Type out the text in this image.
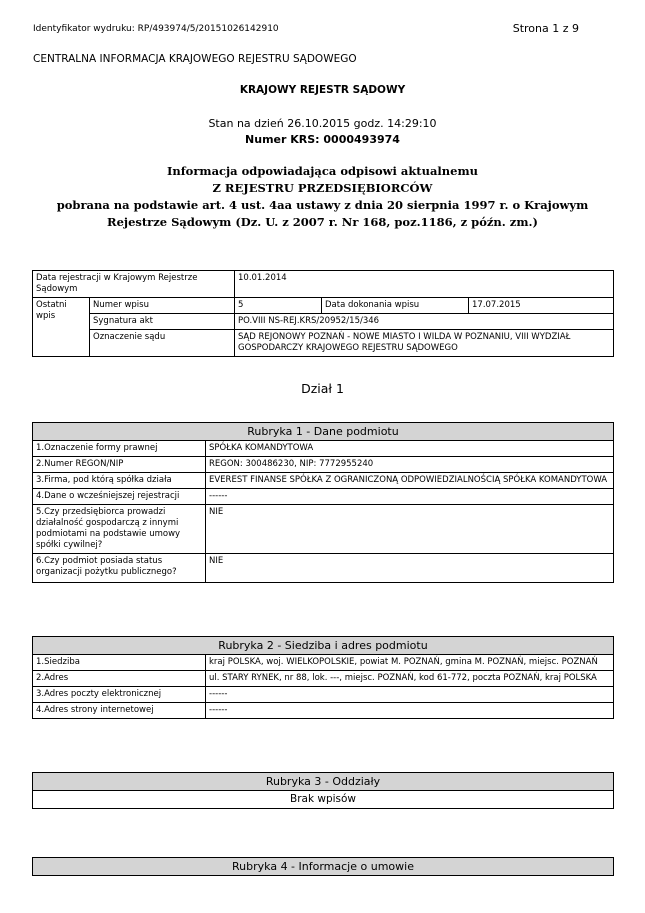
Identyfikator wydruku: RP/493974/5/20151026142910	Strona 1 z 9
CENTRALNA INFORMACJA KRAJOWEGO REJESTRU SĄDOWEGO
KRAJOWY REJESTR SĄDOWY
Stan na dzień 26.10.2015 godz. 14:29:10
Numer KRS: 0000493974
Informacja odpowiadająca odpisowi aktualnemu
Z REJESTRU PRZEDSIĘBIORCÓW
pobrana na podstawie art. 4 ust. 4aa ustawy z dnia 20 sierpnia 1997 r. o Krajowym Rejestrze Sądowym (Dz. U. z 2007 r. Nr 168, poz.1186, z późn. zm.)
Data rejestracji w Krajowym Rejestrze Sądowym		10.01.2014		
Ostatni wpis	Numer wpisu	5	Data dokonania wpisu	17.07.2015
	Sygnatura akt	PO.VIII NS-REJ.KRS/20952/15/346		
	Oznaczenie sądu	SĄD REJONOWY POZNAŃ - NOWE MIASTO I WILDA W POZNANIU, VIII WYDZIAŁ GOSPODARCZY KRAJOWEGO REJESTRU SĄDOWEGO		
Dział 1
Rubryka 1 - Dane podmiotu	
1.Oznaczenie formy prawnej	SPÓŁKA KOMANDYTOWA
2.Numer REGON/NIP	REGON: 300486230, NIP: 7772955240
3.Firma, pod którą spółka działa	EVEREST FINANSE SPÓŁKA Z OGRANICZONĄ ODPOWIEDZIALNOŚCIĄ SPÓŁKA KOMANDYTOWA
4.Dane o wcześniejszej rejestracji	------
5.Czy przedsiębiorca prowadzi działalność gospodarczą z innymi podmiotami na podstawie umowy spółki cywilnej?	NIE
6.Czy podmiot posiada status organizacji pożytku publicznego?	NIE
Rubryka 2 - Siedziba i adres podmiotu	
1.Siedziba	kraj POLSKA, woj. WIELKOPOLSKIE, powiat M. POZNAŃ, gmina M. POZNAŃ, miejsc. POZNAŃ
2.Adres	ul. STARY RYNEK, nr 88, lok. ---, miejsc. POZNAŃ, kod 61-772, poczta POZNAŃ, kraj POLSKA
3.Adres poczty elektronicznej	------
4.Adres strony internetowej	------
Rubryka 3 - Oddziały
Brak wpisów
Rubryka 4 - Informacje o umowie
